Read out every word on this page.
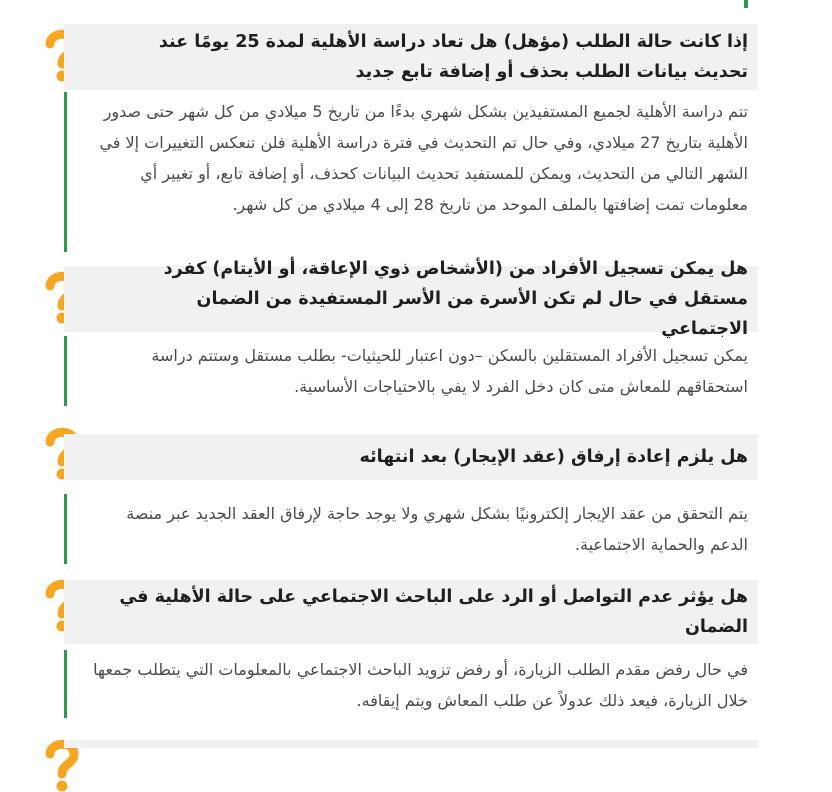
إذا كانت حالة الطلب (مؤهل) هل تعاد دراسة الأهلية لمدة 25 يومًا عند تحديث بيانات الطلب بحذف أو إضافة تابع جديد
تتم دراسة الأهلية لجميع المستفيدين بشكل شهري بدءًا من تاريخ 5 ميلادي من كل شهر حتى صدور الأهلية بتاريخ 27 ميلادي، وفي حال تم التحديث في فترة دراسة الأهلية فلن تنعكس التغييرات إلا في الشهر التالي من التحديث، ويمكن للمستفيد تحديث البيانات كحذف، أو إضافة تابع، أو تغيير أي معلومات تمت إضافتها بالملف الموحد من تاريخ 28 إلى 4 ميلادي من كل شهر.
هل يمكن تسجيل الأفراد من (الأشخاص ذوي الإعاقة، أو الأيتام) كفرد مستقل في حال لم تكن الأسرة من الأسر المستفيدة من الضمان الاجتماعي
يمكن تسجيل الأفراد المستقلين بالسكن –دون اعتبار للحيثيات- بطلب مستقل وستتم دراسة استحقاقهم للمعاش متى كان دخل الفرد لا يفي بالاحتياجات الأساسية.
هل يلزم إعادة إرفاق (عقد الإيجار) بعد انتهائه
يتم التحقق من عقد الإيجار إلكترونيًا بشكل شهري ولا يوجد حاجة لإرفاق العقد الجديد عبر منصة الدعم والحماية الاجتماعية.
هل يؤثر عدم التواصل أو الرد على الباحث الاجتماعي على حالة الأهلية في الضمان
في حال رفض مقدم الطلب الزيارة، أو رفض تزويد الباحث الاجتماعي بالمعلومات التي يتطلب جمعها خلال الزيارة، فيعد ذلك عدولاً عن طلب المعاش ويتم إيقافه.
